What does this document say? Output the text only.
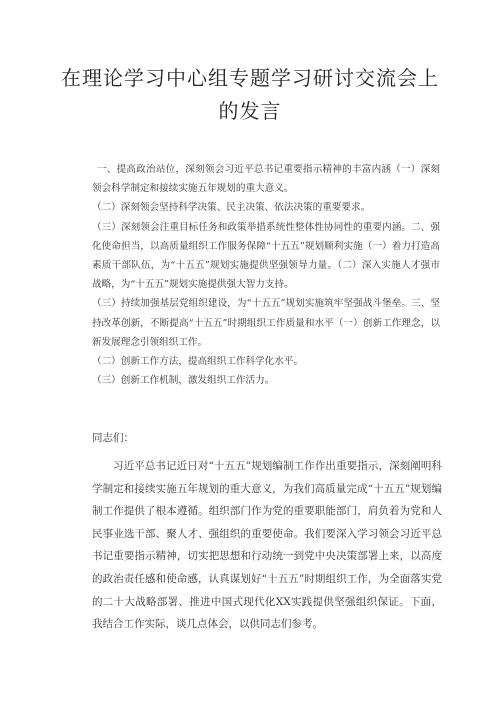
在理论学习中心组专题学习研讨交流会上
的发言

一、提高政治站位，深刻领会习近平总书记重要指示精神的丰富内涵（一）深刻领会科学制定和接续实施五年规划的重大意义。

（二）深刻领会坚持科学决策、民主决策、依法决策的重要要求。

（三）深刻领会注重目标任务和政策举措系统性整体性协同性的重要内涵。二、强化使命担当，以高质量组织工作服务保障“十五五”规划顺利实施（一）着力打造高素质干部队伍，为“十五五”规划实施提供坚强领导力量。（二）深入实施人才强市战略，为“十五五”规划实施提供强大智力支持。

（三）持续加强基层党组织建设，为“十五五”规划实施筑牢坚强战斗堡垒。三、坚持改革创新，不断提高“十五五”时期组织工作质量和水平（一）创新工作理念，以新发展理念引领组织工作。

（二）创新工作方法，提高组织工作科学化水平。

（三）创新工作机制，激发组织工作活力。

同志们：

习近平总书记近日对“十五五”规划编制工作作出重要指示，深刻阐明科学制定和接续实施五年规划的重大意义，为我们高质量完成“十五五”规划编制工作提供了根本遵循。组织部门作为党的重要职能部门，肩负着为党和人民事业选干部、聚人才、强组织的重要使命。我们要深入学习领会习近平总书记重要指示精神，切实把思想和行动统一到党中央决策部署上来，以高度的政治责任感和使命感，认真谋划好“十五五”时期组织工作，为全面落实党的二十大战略部署、推进中国式现代化XX实践提供坚强组织保证。下面，我结合工作实际，谈几点体会，以供同志们参考。
